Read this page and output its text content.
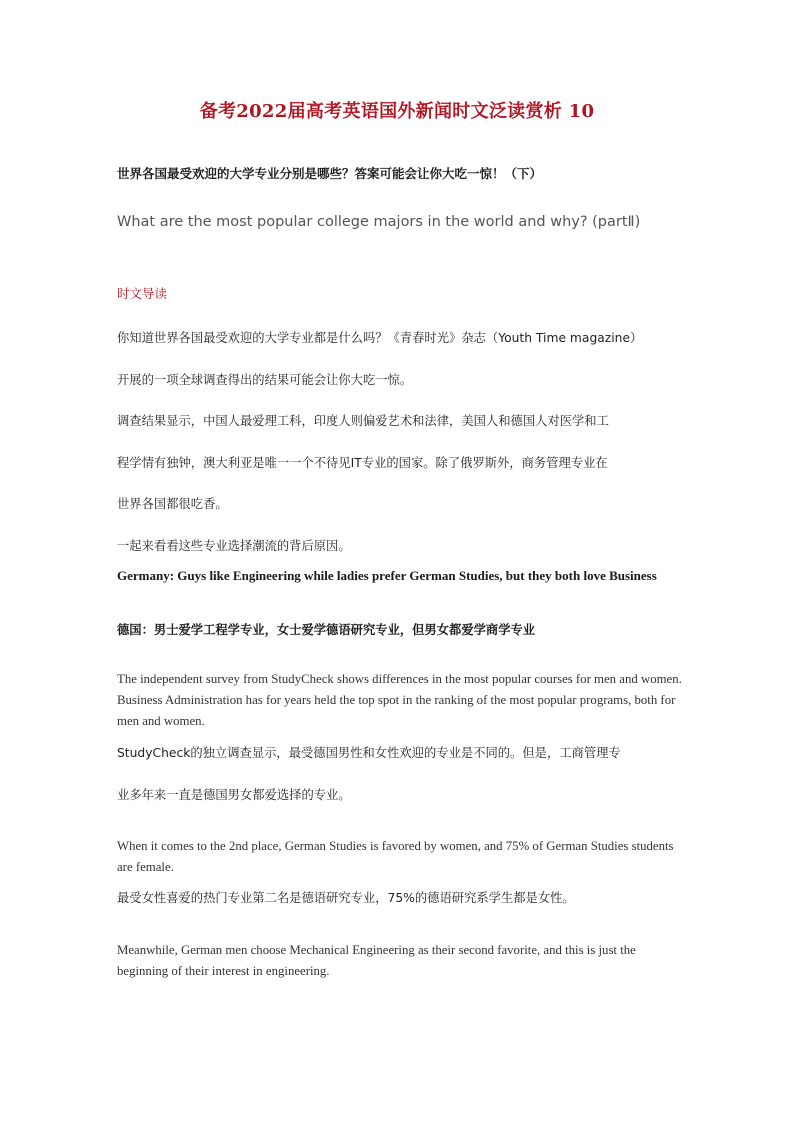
备考2022届高考英语国外新闻时文泛读赏析 10
世界各国最受欢迎的大学专业分别是哪些？答案可能会让你大吃一惊！（下）
What are the most popular college majors in the world and why? (partⅡ)
时文导读
你知道世界各国最受欢迎的大学专业都是什么吗？《青春时光》杂志（Youth Time magazine）
开展的一项全球调查得出的结果可能会让你大吃一惊。
调查结果显示，中国人最爱理工科，印度人则偏爱艺术和法律，美国人和德国人对医学和工
程学情有独钟，澳大利亚是唯一一个不待见IT专业的国家。除了俄罗斯外，商务管理专业在
世界各国都很吃香。
一起来看看这些专业选择潮流的背后原因。
Germany: Guys like Engineering while ladies prefer German Studies, but they both love Business
德国：男士爱学工程学专业，女士爱学德语研究专业，但男女都爱学商学专业
The independent survey from StudyCheck shows differences in the most popular courses for men and women. Business Administration has for years held the top spot in the ranking of the most popular programs, both for men and women.
StudyCheck的独立调查显示，最受德国男性和女性欢迎的专业是不同的。但是，工商管理专
业多年来一直是德国男女都爱选择的专业。
When it comes to the 2nd place, German Studies is favored by women, and 75% of German Studies students are female.
最受女性喜爱的热门专业第二名是德语研究专业，75%的德语研究系学生都是女性。
Meanwhile, German men choose Mechanical Engineering as their second favorite, and this is just the beginning of their interest in engineering.
